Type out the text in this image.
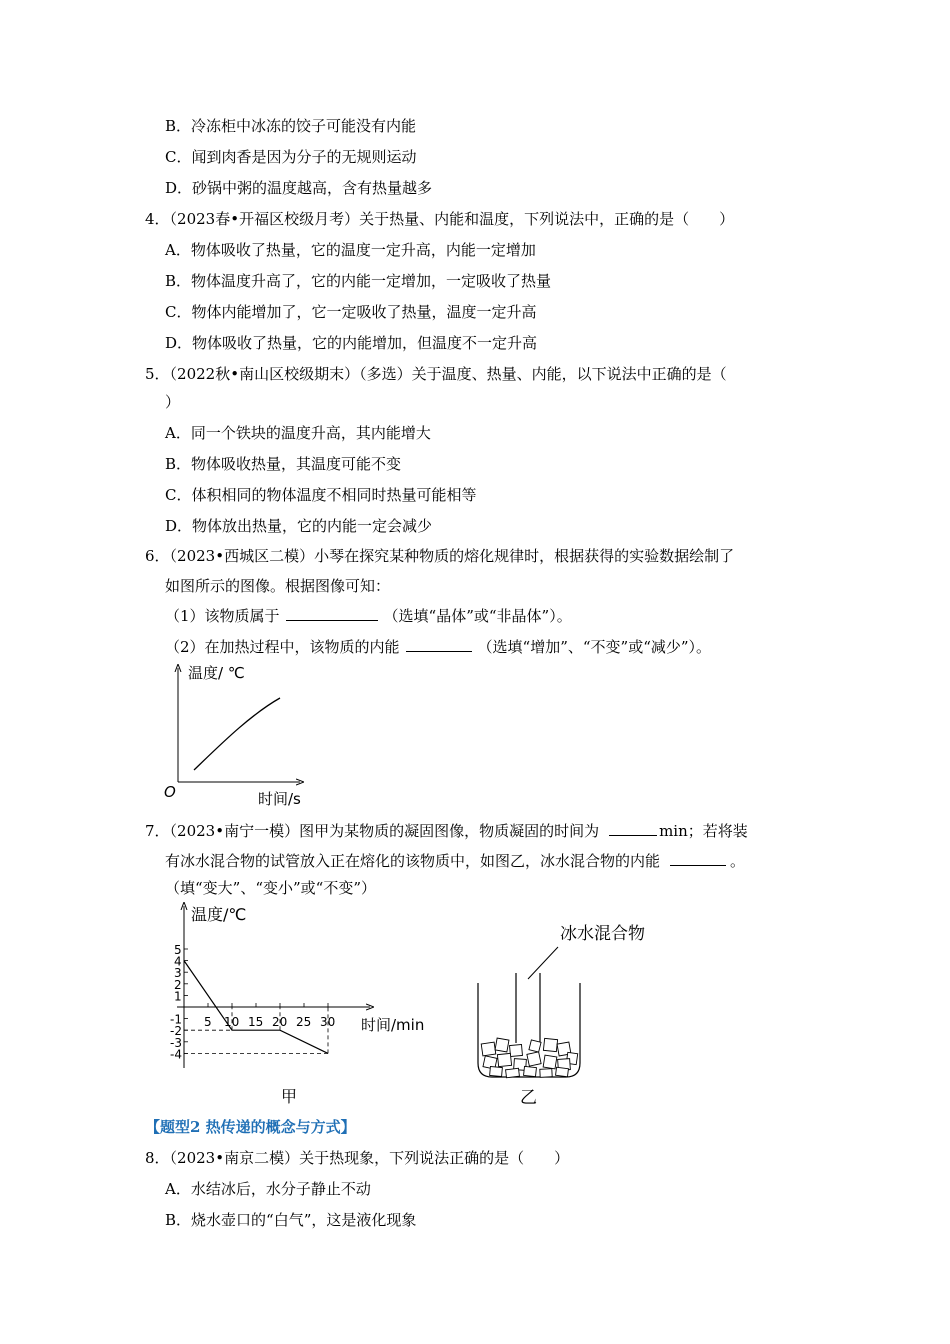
B．冷冻柜中冰冻的饺子可能没有内能
C．闻到肉香是因为分子的无规则运动
D．砂锅中粥的温度越高，含有热量越多
4．（2023春•开福区校级月考）关于热量、内能和温度，下列说法中，正确的是（　　）
A．物体吸收了热量，它的温度一定升高，内能一定增加
B．物体温度升高了，它的内能一定增加，一定吸收了热量
C．物体内能增加了，它一定吸收了热量，温度一定升高
D．物体吸收了热量，它的内能增加，但温度不一定升高
5．（2022秋•南山区校级期末）（多选）关于温度、热量、内能，以下说法中正确的是（
）
A．同一个铁块的温度升高，其内能增大
B．物体吸收热量，其温度可能不变
C．体积相同的物体温度不相同时热量可能相等
D．物体放出热量，它的内能一定会减少
6．（2023•西城区二模）小琴在探究某种物质的熔化规律时，根据获得的实验数据绘制了
如图所示的图像。根据图像可知：
（1）该物质属于	（选填“晶体”或“非晶体”）。
（2）在加热过程中，该物质的内能	（选填“增加”、“不变”或“减少”）。
温度/ ℃
时间/s
O
7．（2023•南宁一模）图甲为某物质的凝固图像，物质凝固的时间为	min；若将装
有冰水混合物的试管放入正在熔化的该物质中，如图乙，冰水混合物的内能	。
（填“变大”、“变小”或“不变”）
5
4
3
2
1
-1
-2
-3
-4
5 10 15 20 25 30
温度/℃
时间/min
甲
冰水混合物
乙
【题型2 热传递的概念与方式】
8．（2023•南京二模）关于热现象，下列说法正确的是（　　）
A．水结冰后，水分子静止不动
B．烧水壶口的“白气”，这是液化现象
